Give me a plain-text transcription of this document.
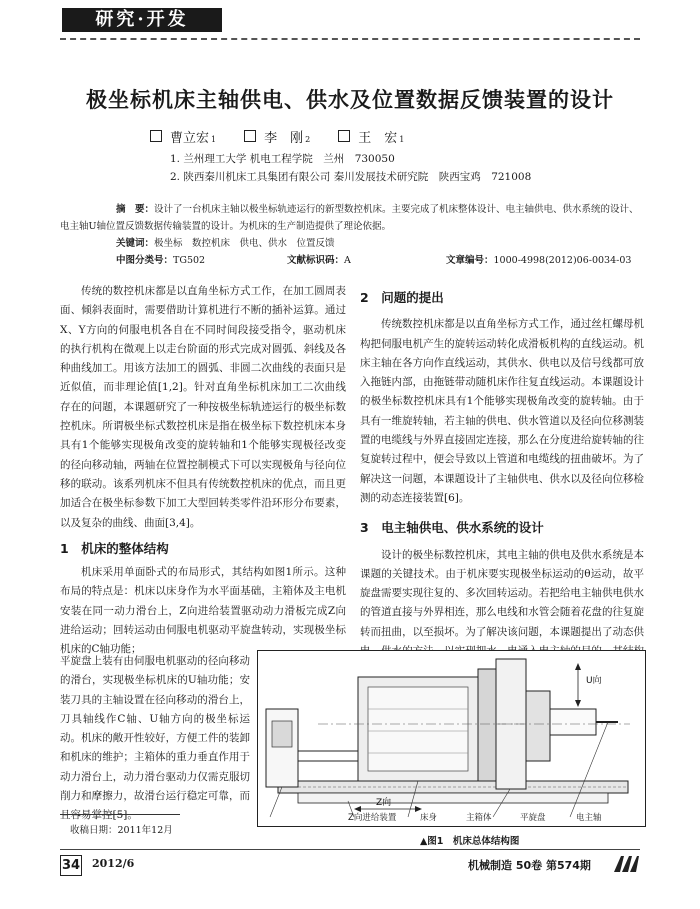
研究·开发
极坐标机床主轴供电、供水及位置数据反馈装置的设计
曹立宏 $_1$	李　刚 $_2$	王　宏 $_1$
1. 兰州理工大学 机电工程学院　兰州　730050
2. 陕西秦川机床工具集团有限公司 秦川发展技术研究院　陕西宝鸡　721008
摘　要：设计了一台机床主轴以极坐标轨迹运行的新型数控机床。主要完成了机床整体设计、电主轴供电、供水系统的设计、电主轴U轴位置反馈数据传输装置的设计。为机床的生产制造提供了理论依据。
关键词：极坐标　数控机床　供电、供水　位置反馈
中图分类号：TG502	文献标识码：A	文章编号：1000-4998(2012)06-0034-03

传统的数控机床都是以直角坐标方式工作，在加工圆周表面、倾斜表面时，需要借助计算机进行不断的插补运算。通过X、Y方向的伺服电机各自在不同时间段接受指令，驱动机床的执行机构在微观上以走台阶面的形式完成对圆弧、斜线及各种曲线加工。用该方法加工的圆弧、非圆二次曲线的表面只是近似值，而非理论值[1,2]。针对直角坐标机床加工二次曲线存在的问题，本课题研究了一种按极坐标轨迹运行的极坐标数控机床。所谓极坐标式数控机床是指在极坐标下数控机床本身具有1个能够实现极角改变的旋转轴和1个能够实现极径改变的径向移动轴，两轴在位置控制模式下可以实现极角与径向位移的联动。该系列机床不但具有传统数控机床的优点，而且更加适合在极坐标参数下加工大型回转类零件沿环形分布要素，以及复杂的曲线、曲面[3,4]。

1　机床的整体结构

机床采用单面卧式的布局形式，其结构如图1所示。这种布局的特点是：机床以床身作为水平面基础，主箱体及主电机安装在同一动力滑台上，Z向进给装置驱动动力滑板完成Z向进给运动；回转运动由伺服电机驱动平旋盘转动，实现极坐标机床的C轴功能；

平旋盘上装有由伺服电机驱动的径向移动的滑台，实现极坐标机床的U轴功能；安装刀具的主轴设置在径向移动的滑台上，刀具轴线作C轴、U轴方向的极坐标运动。机床的敞开性较好，方便工件的装卸和机床的维护；主箱体的重力垂直作用于动力滑台上，动力滑台驱动力仅需克服切削力和摩擦力，故滑台运行稳定可靠，而且容易掌控[5]。
2　问题的提出

传统数控机床都是以直角坐标方式工作，通过丝杠螺母机构把伺服电机产生的旋转运动转化成滑板机构的直线运动。机床主轴在各方向作直线运动，其供水、供电以及信号线都可放入拖链内部，由拖链带动随机床作往复直线运动。本课题设计的极坐标数控机床具有1个能够实现极角改变的旋转轴。由于具有一维旋转轴，若主轴的供电、供水管道以及径向位移测装置的电缆线与外界直接固定连接，那么在分度进给旋转轴的往复旋转过程中，便会导致以上管道和电缆线的扭曲破坏。为了解决这一问题，本课题设计了主轴供电、供水以及径向位移检测的动态连接装置[6]。

3　电主轴供电、供水系统的设计

设计的极坐标数控机床，其电主轴的供电及供水系统是本课题的关键技术。由于机床要实现极坐标运动的θ运动，故平旋盘需要实现往复的、多次回转运动。若把给电主轴供电供水的管道直接与外界相连，那么电线和水管会随着花盘的往复旋转而扭曲，以至损坏。为了解决该问题，本课题提出了动态供

U向
Z向
Z向进给装置	床身	主箱体	平旋盘	电主轴
▲图1　机床总体结构图
收稿日期：2011年12月
34 2012/6	机械制造 50卷 第574期
